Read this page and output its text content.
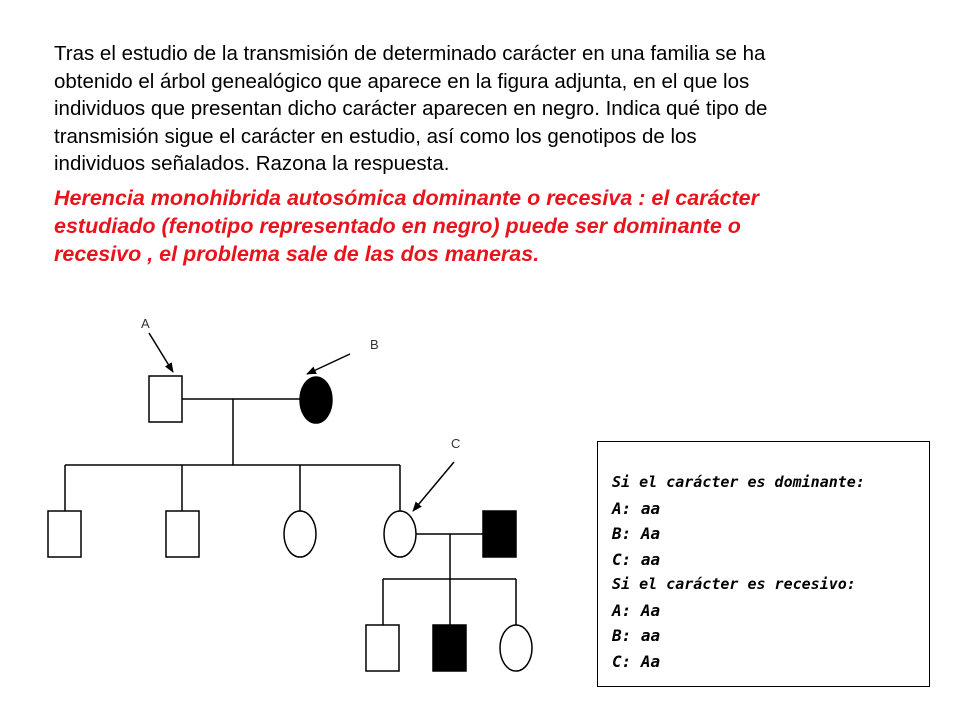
Tras el estudio de la transmisión de determinado carácter en una familia se ha
obtenido el árbol genealógico que aparece en la figura adjunta, en el que los
individuos que presentan dicho carácter aparecen en negro. Indica qué tipo de
transmisión sigue el carácter en estudio, así como los genotipos de los
individuos señalados. Razona la respuesta.
Herencia monohibrida autosómica dominante o recesiva : el carácter
estudiado (fenotipo representado en negro) puede ser dominante o
recesivo , el problema sale de las dos maneras.
A
B
C
Si el carácter es dominante:
A: aa
B: Aa
C: aa
Si el carácter es recesivo:
A: Aa
B: aa
C: Aa
